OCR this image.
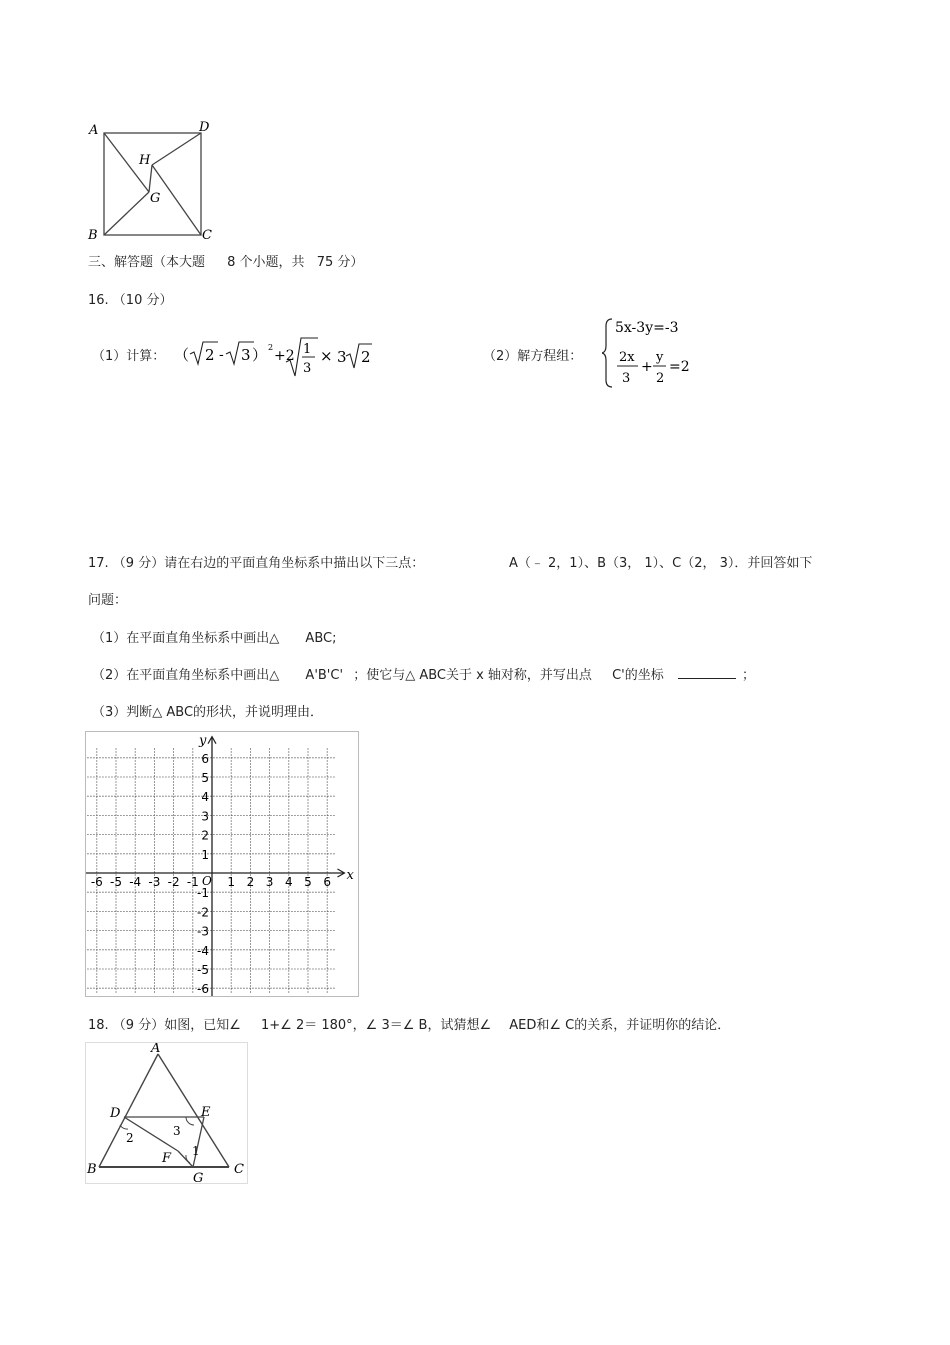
A	D
H
G
B	C
三、解答题（本大题 8 个小题，共 75 分）
16. （10 分）
（1）计算： （ 2 - 3 ） 2
+2 1
3
× 3 2	（2）解方程组：
5x-3y=-3
2x
3
+
y
2
=2
17. （9 分）请在右边的平面直角坐标系中描出以下三点：	A（﹣ 2，1）、B（3， 1）、C（2， 3）．并回答如下
问题：
（1）在平面直角坐标系中画出△ ABC;
（2）在平面直角坐标系中画出△ A'B'C' ；使它与△ ABC关于 x 轴对称，并写出点 C'的坐标	；
（3）判断△ ABC的形状，并说明理由．
x
y
O
-6 -5 -4 -3 -2 -1 1 2 3 4 5 6
6
5
4
3
2
1
-1
-2
-3
-4
-5
-6
18. （9 分）如图，已知∠ 1+∠ 2＝ 180°，∠ 3＝∠ B，试猜想∠ AED和∠ C的关系，并证明你的结论．
A
D	E
3
2
F 1
B
G
C
